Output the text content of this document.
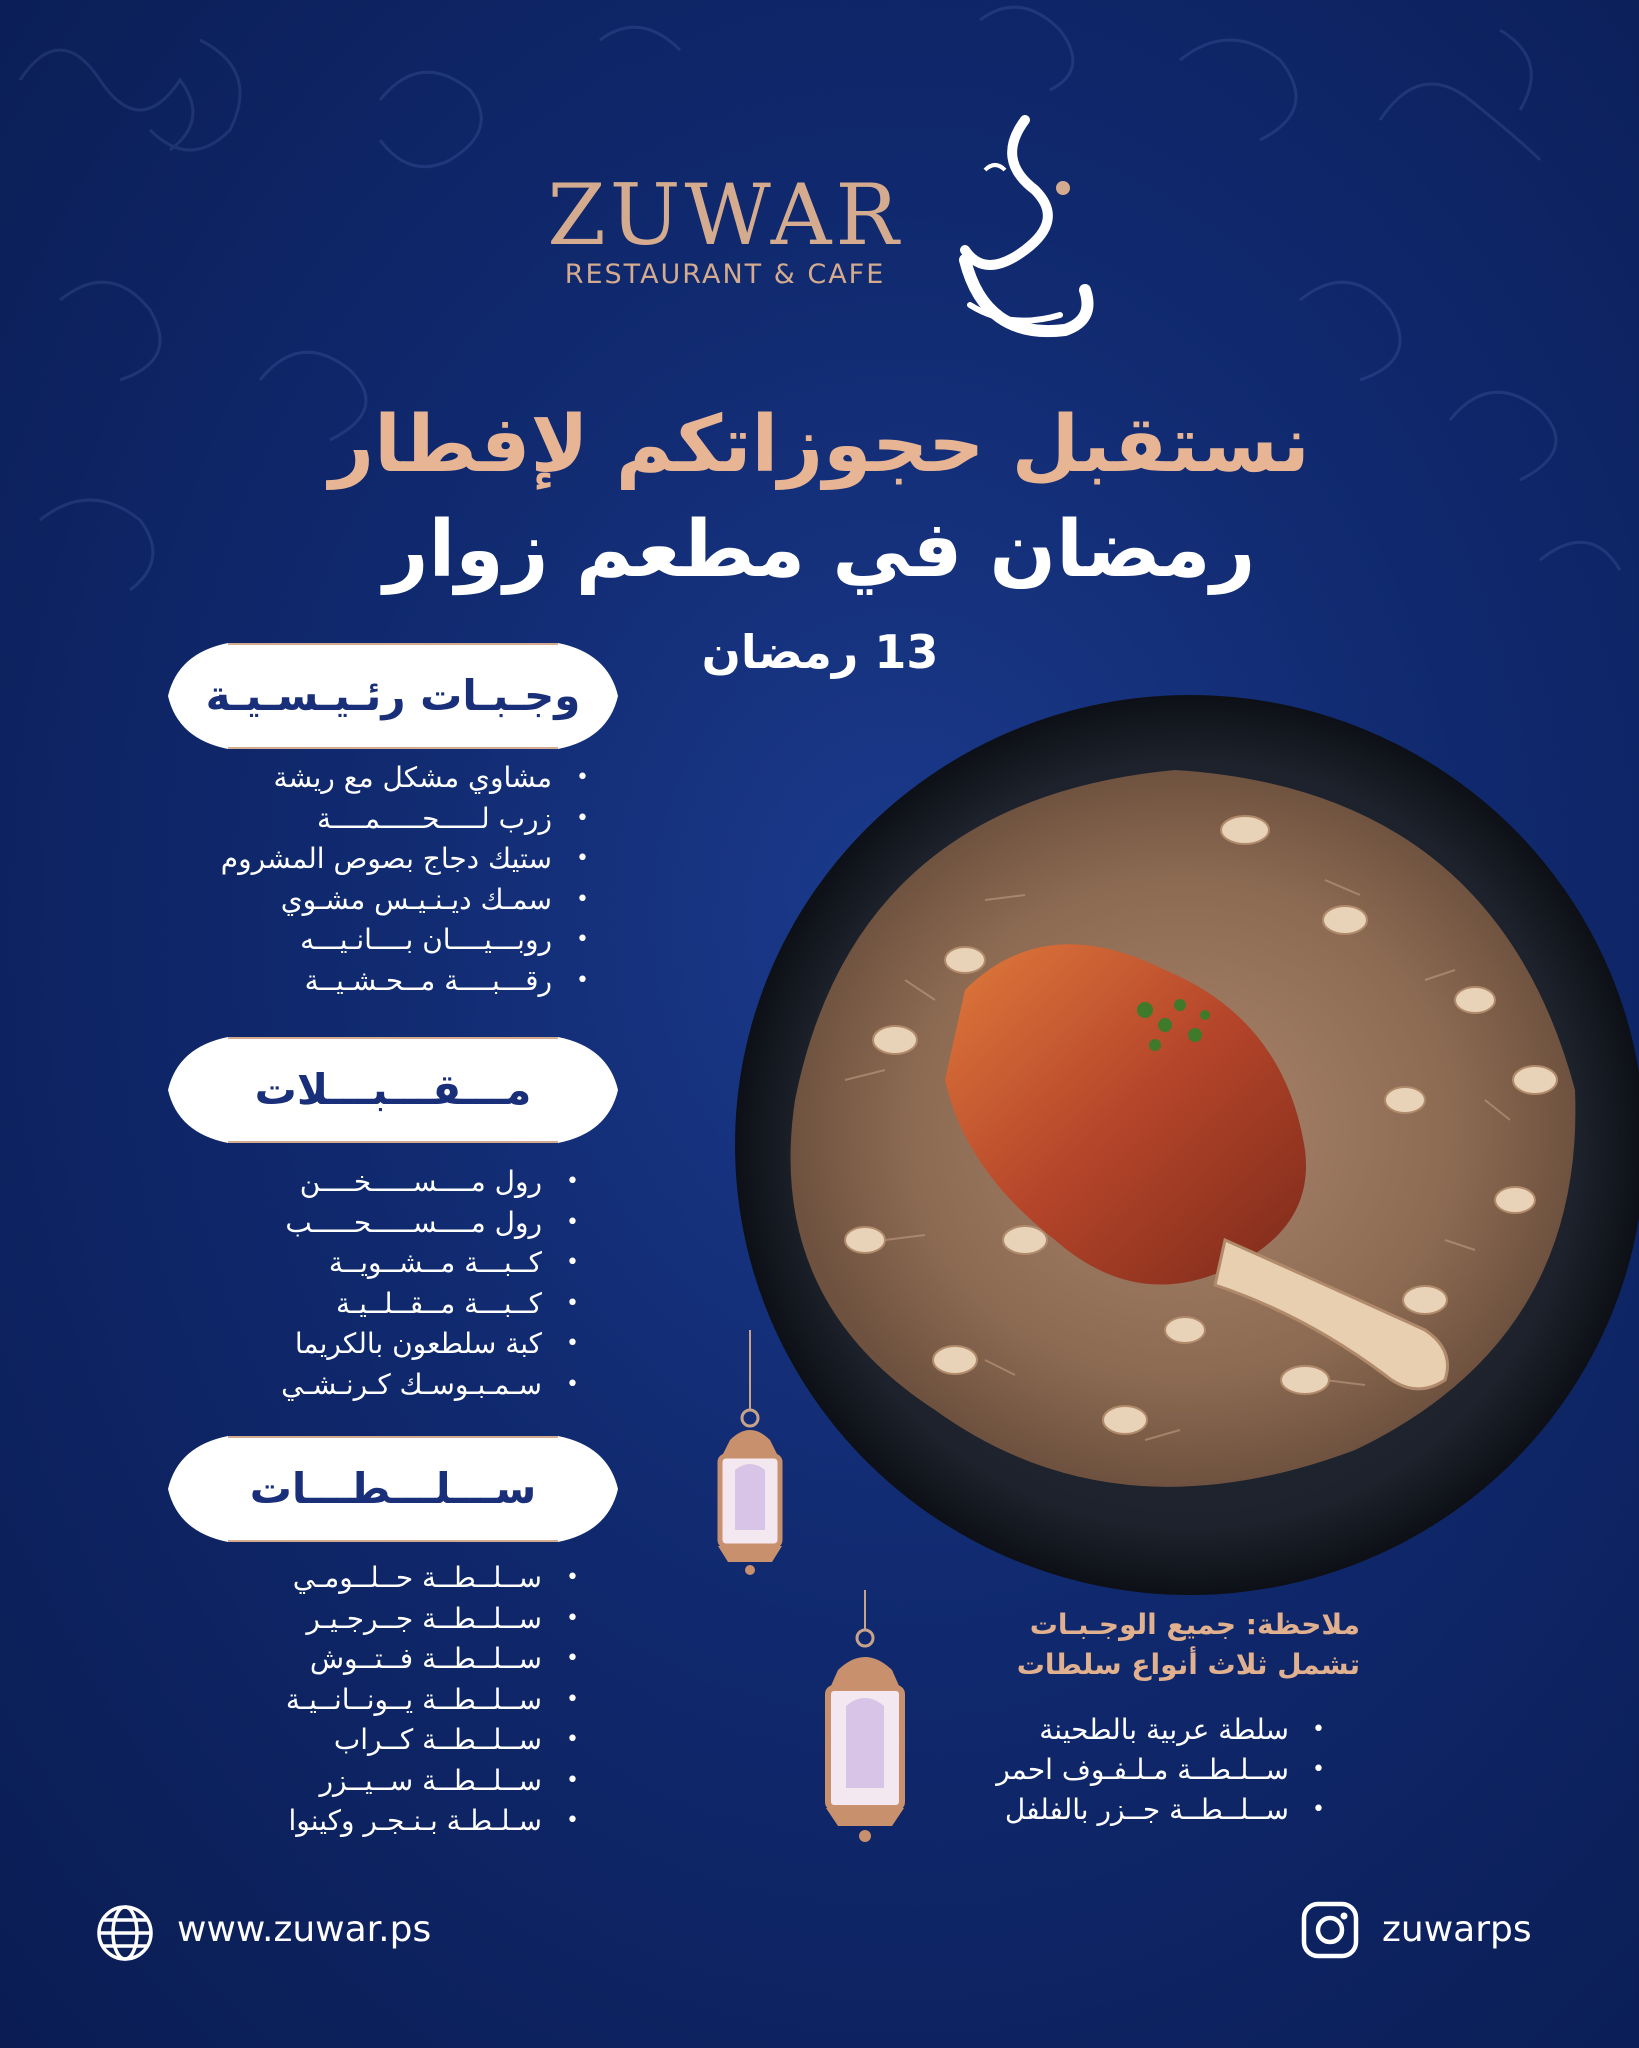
ZUWAR
RESTAURANT & CAFE
نستقبل حجوزاتكم لإفطار
رمضان في مطعم زوار
13 رمضان
وجـبـات رئـيـسـيـة
•
مشاوي مشكل مع ريشة
•
زرب لـــــحـــــمــــة
•
ستيك دجاج بصوص المشروم
•
سمـك ديـنـيـس مشـوي
•
روبـــيــــان بــــانـيـــه
•
رقـــبــــة مــحـشـيــة
مـــقـــبـــلات
•
رول مــــســـــخــــن
•
رول مــــســـــحـــــب
•
كــبـــة مــشــويــة
•
كــبـــة مــقــلــيـة
•
كبة سلطعون بالكريما
•
سـمـبـوسـك كـرنـشـي
ســـلـــطـــات
•
ســلــطــة حــلــومـي
•
ســلــطــة جــرجـيـر
•
ســلــطــة فــتــوش
•
ســلــطــة يــونــانــيـة
•
ســلــطــة كــراب
•
ســلــطــة ســيــزر
•
سـلـطـة بـنـجـر وكينوا
ملاحظة: جميع الوجـبـات
تشمل ثلاث أنواع سلطات
•
سلطة عربية بالطحينة
•
ســلـطــة مـلـفـوف احمر
•
ســلــطــة جــزر بالفلفل
www.zuwar.ps	zuwarps
